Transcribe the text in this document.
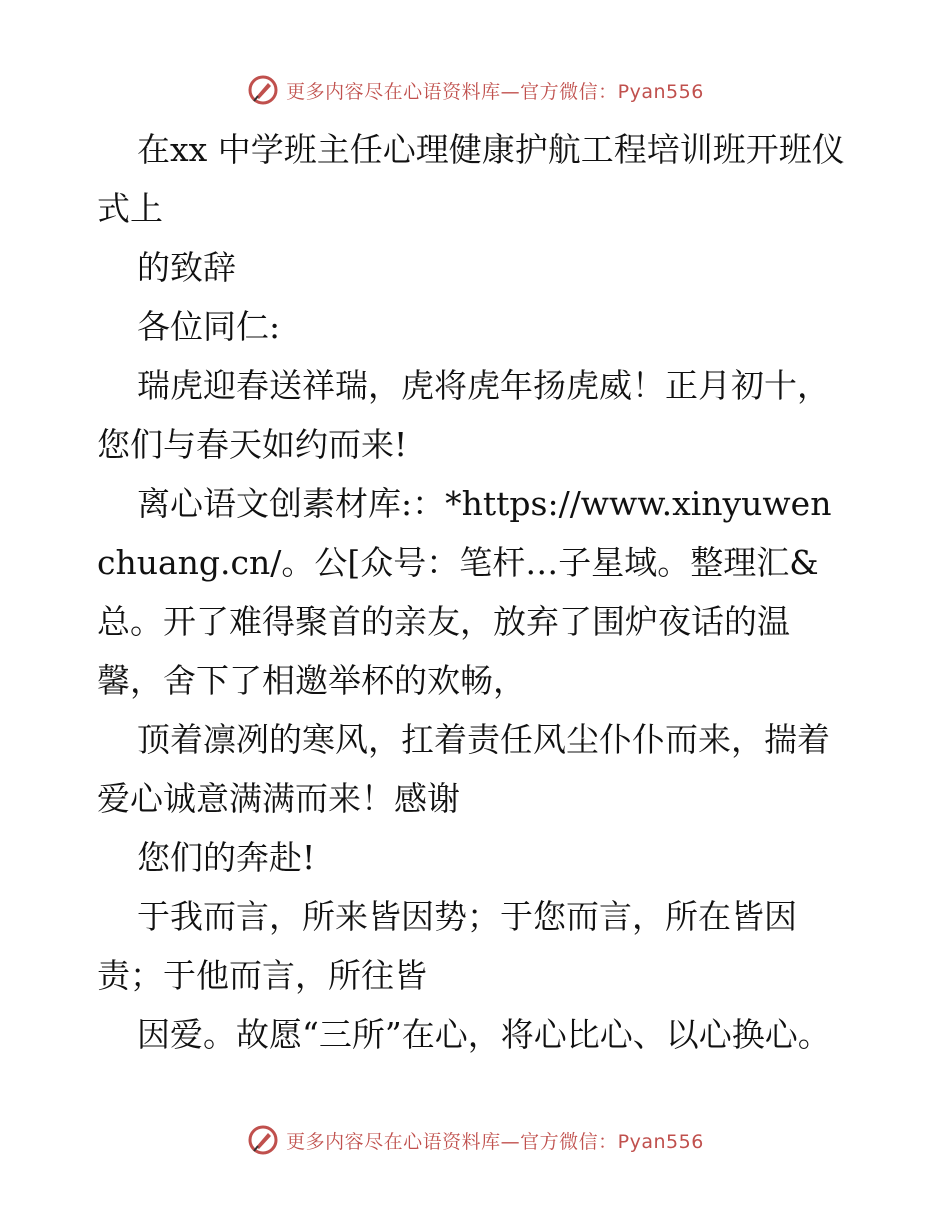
更多内容尽在心语资料库—官方微信：Pyan556

在xx 中学班主任心理健康护航工程培训班开班仪式上

的致辞

各位同仁:

瑞虎迎春送祥瑞，虎将虎年扬虎威！正月初十，您们与春天如约而来!

离心语文创素材库:：*https://www.xinyuwenchuang.cn/。公[众号：笔杆…子星域。整理汇&总。开了难得聚首的亲友，放弃了围炉夜话的温馨，舍下了相邀举杯的欢畅，

顶着凛冽的寒风，扛着责任风尘仆仆而来，揣着爱心诚意满满而来！感谢

您们的奔赴!

于我而言，所来皆因势；于您而言，所在皆因责；于他而言，所往皆

因爱。故愿“三所”在心，将心比心、以心换心。

更多内容尽在心语资料库—官方微信：Pyan556
